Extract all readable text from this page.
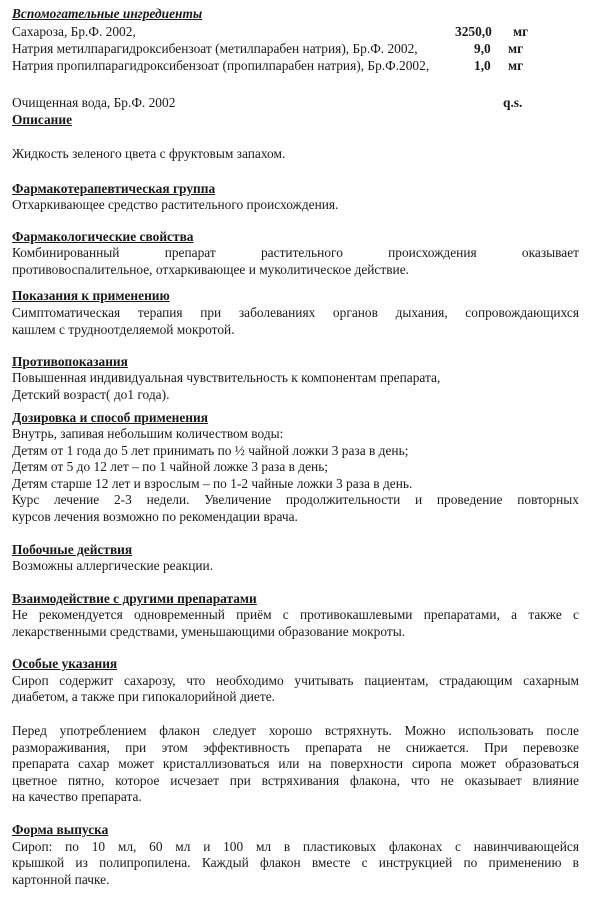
Вспомогательные ингредиенты
Сахароза, Бр.Ф. 2002,	3250,0 мг
Натрия метилпарагидроксибензоат (метилпарабен натрия), Бр.Ф. 2002,	9,0 мг
Натрия пропилпарагидроксибензоат (пропилпарабен натрия), Бр.Ф.2002,	1,0 мг
Очищенная вода, Бр.Ф. 2002	q.s.
Описание
Жидкость зеленого цвета с фруктовым запахом.
Фармакотерапевтическая группа
Отхаркивающее средство растительного происхождения.
Фармакологические свойства
Комбинированный препарат растительного происхождения оказывает
противовоспалительное, отхаркивающее и муколитическое действие.
Показания к применению
Симптоматическая терапия при заболеваниях органов дыхания, сопровождающихся
кашлем с трудноотделяемой мокротой.
Противопоказания
Повышенная индивидуальная чувствительность к компонентам препарата,
Детский возраст( до1 года).
Дозировка и способ применения
Внутрь, запивая небольшим количеством воды:
Детям от 1 года до 5 лет принимать по ½ чайной ложки 3 раза в день;
Детям от 5 до 12 лет – по 1 чайной ложке 3 раза в день;
Детям старше 12 лет и взрослым – по 1-2 чайные ложки 3 раза в день.
Курс лечение 2-3 недели. Увеличение продолжительности и проведение повторных
курсов лечения возможно по рекомендации врача.
Побочные действия
Возможны аллергические реакции.
Взаимодействие с другими препаратами
Не рекомендуется одновременный приём с противокашлевыми препаратами, а также с
лекарственными средствами, уменьшающими образование мокроты.
Особые указания
Сироп содержит сахарозу, что необходимо учитывать пациентам, страдающим сахарным
диабетом, а также при гипокалорийной диете.
Перед употреблением флакон следует хорошо встряхнуть. Можно использовать после
размораживания, при этом эффективность препарата не снижается. При перевозке
препарата сахар может кристаллизоваться или на поверхности сиропа может образоваться
цветное пятно, которое исчезает при встряхивания флакона, что не оказывает влияние
на качество препарата.
Форма выпуска
Сироп: по 10 мл, 60 мл и 100 мл в пластиковых флаконах с навинчивающейся
крышкой из полипропилена. Каждый флакон вместе с инструкцией по применению в
картонной пачке.
